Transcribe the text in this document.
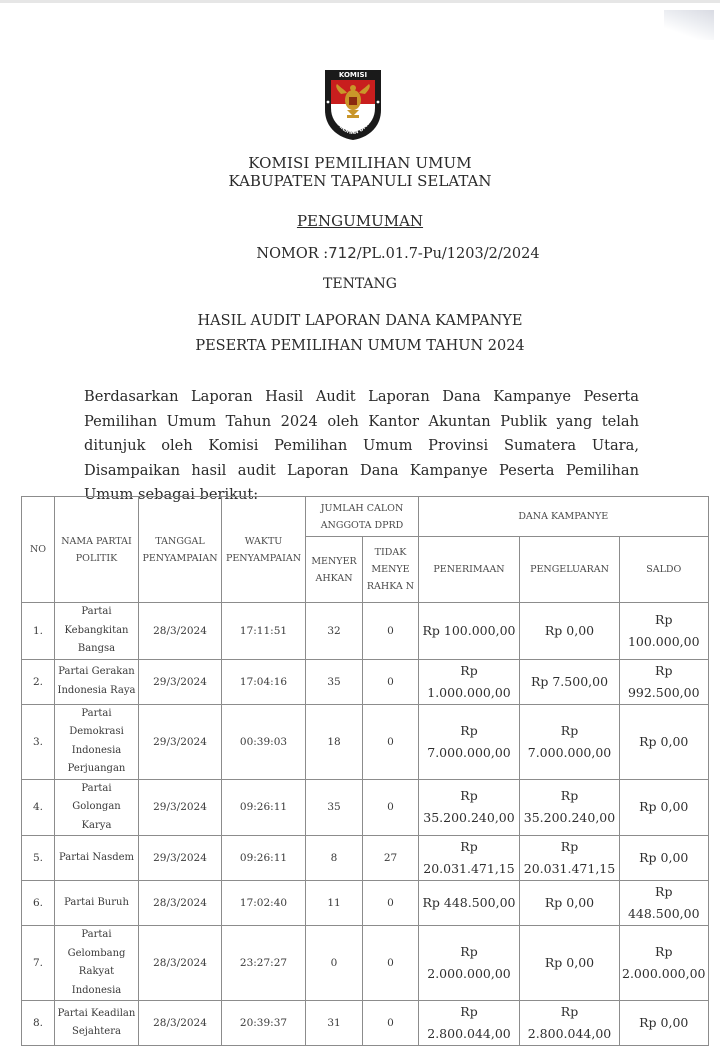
KOMISI
PEMILIHAN UMUM
KOMISI PEMILIHAN UMUM
KABUPATEN TAPANULI SELATAN
PENGUMUMAN
NOMOR :712/PL.01.7-Pu/1203/2/2024
TENTANG
HASIL AUDIT LAPORAN DANA KAMPANYE
PESERTA PEMILIHAN UMUM TAHUN 2024
Berdasarkan Laporan Hasil Audit Laporan Dana Kampanye Peserta Pemilihan Umum Tahun 2024 oleh Kantor Akuntan Publik yang telah ditunjuk oleh Komisi Pemilihan Umum Provinsi Sumatera Utara, Disampaikan hasil audit Laporan Dana Kampanye Peserta Pemilihan Umum sebagai berikut:
NO	NAMA PARTAI POLITIK	TANGGAL PENYAMPAIAN	WAKTU PENYAMPAIAN	JUMLAH CALON ANGGOTA DPRD		DANA KAMPANYE		
				MENYER AHKAN	TIDAK MENYE RAHKA N	PENERIMAAN	PENGELUARAN	SALDO
1.	Partai Kebangkitan Bangsa	28/3/2024	17:11:51	32	0	Rp 100.000,00	Rp 0,00	Rp 100.000,00
2.	Partai Gerakan Indonesia Raya	29/3/2024	17:04:16	35	0	Rp 1.000.000,00	Rp 7.500,00	Rp 992.500,00
3.	Partai Demokrasi Indonesia Perjuangan	29/3/2024	00:39:03	18	0	Rp 7.000.000,00	Rp 7.000.000,00	Rp 0,00
4.	Partai Golongan Karya	29/3/2024	09:26:11	35	0	Rp 35.200.240,00	Rp 35.200.240,00	Rp 0,00
5.	Partai Nasdem	29/3/2024	09:26:11	8	27	Rp 20.031.471,15	Rp 20.031.471,15	Rp 0,00
6.	Partai Buruh	28/3/2024	17:02:40	11	0	Rp 448.500,00	Rp 0,00	Rp 448.500,00
7.	Partai Gelombang Rakyat Indonesia	28/3/2024	23:27:27	0	0	Rp 2.000.000,00	Rp 0,00	Rp 2.000.000,00
8.	Partai Keadilan Sejahtera	28/3/2024	20:39:37	31	0	Rp 2.800.044,00	Rp 2.800.044,00	Rp 0,00
